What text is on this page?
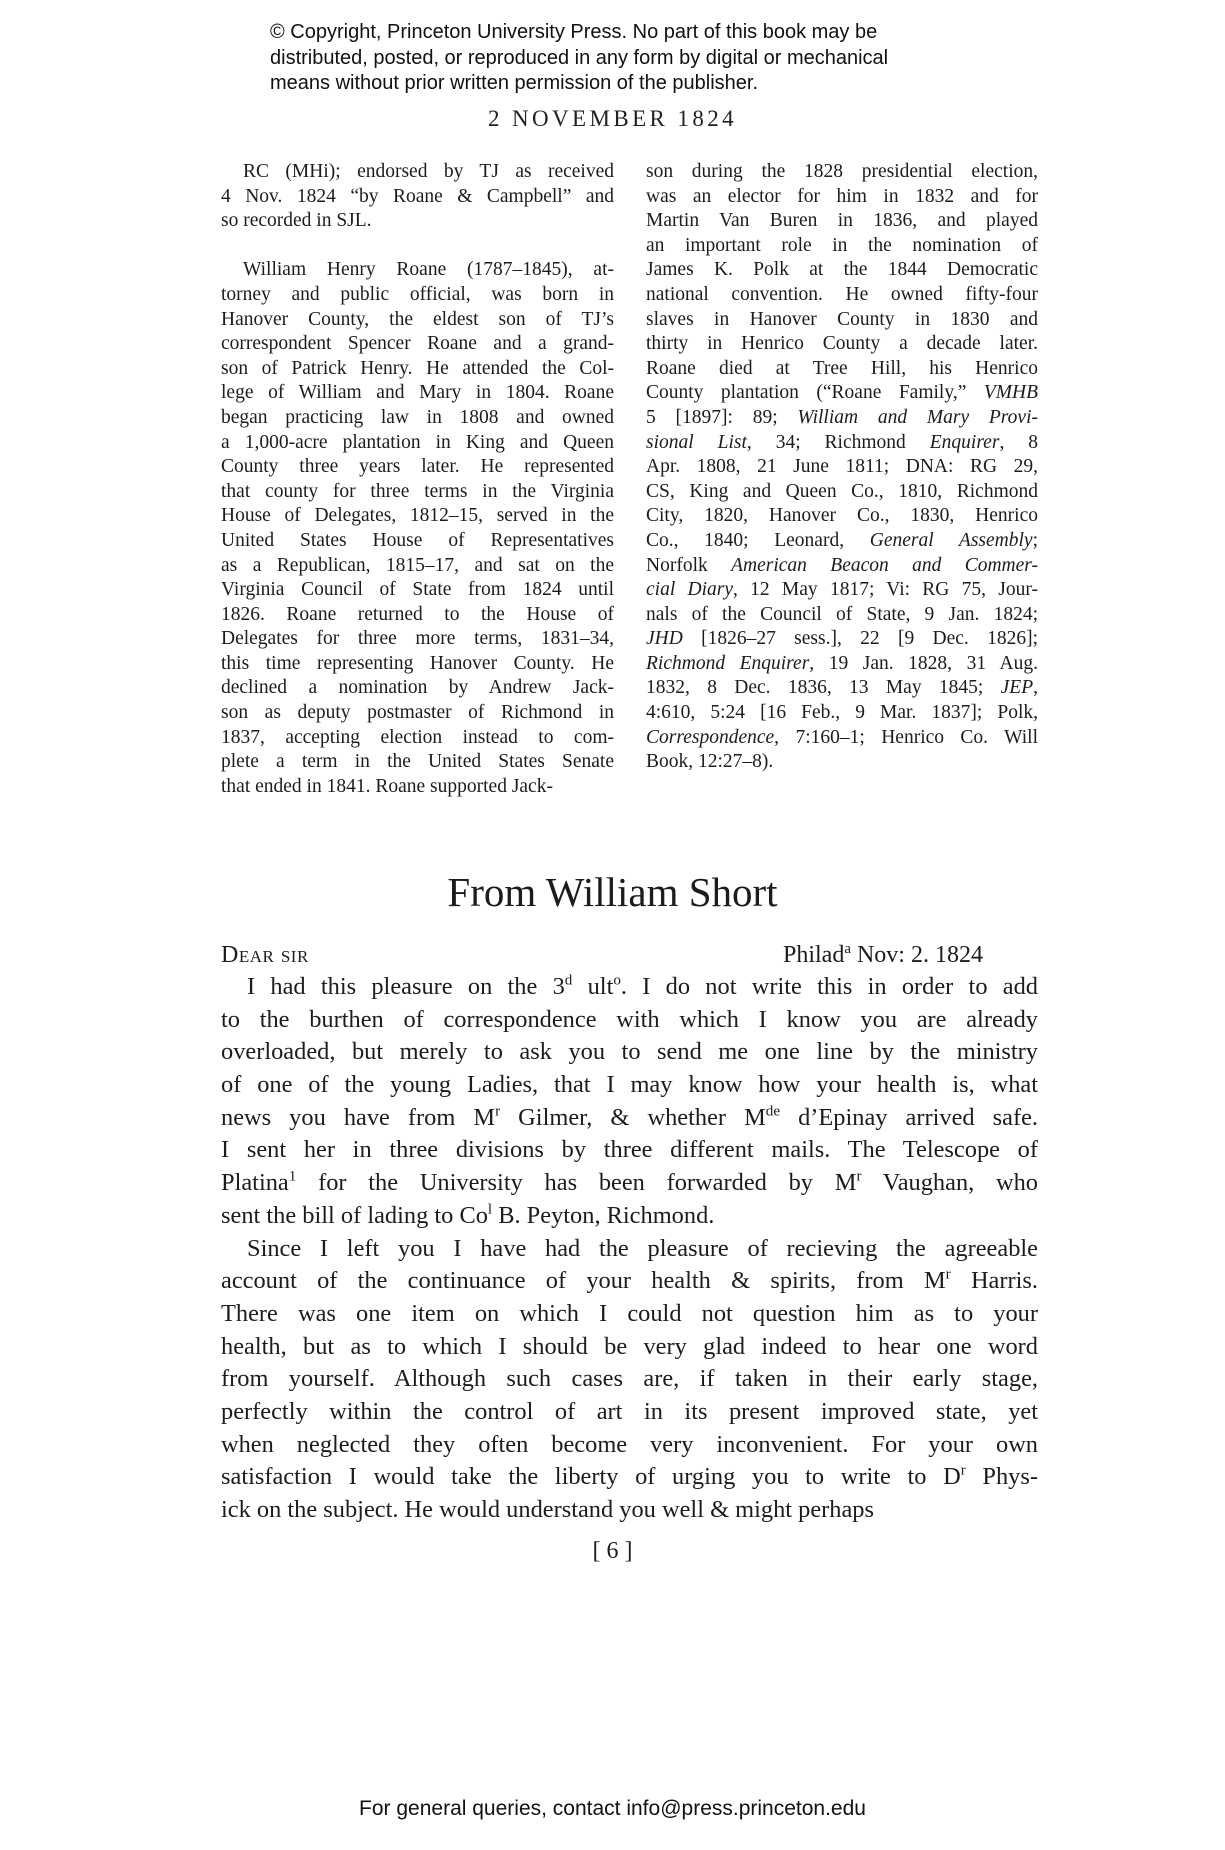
© Copyright, Princeton University Press. No part of this book may be
distributed, posted, or reproduced in any form by digital or mechanical
means without prior written permission of the publisher.
2 NOVEMBER 1824
RC (MHi); endorsed by TJ as received
4 Nov. 1824 “by Roane & Campbell” and
so recorded in SJL.
William Henry Roane (1787–1845), at-
torney and public official, was born in
Hanover County, the eldest son of TJ’s
correspondent Spencer Roane and a grand-
son of Patrick Henry. He attended the Col-
lege of William and Mary in 1804. Roane
began practicing law in 1808 and owned
a 1,000-acre plantation in King and Queen
County three years later. He represented
that county for three terms in the Virginia
House of Delegates, 1812–15, served in the
United States House of Representatives
as a Republican, 1815–17, and sat on the
Virginia Council of State from 1824 until
1826. Roane returned to the House of
Delegates for three more terms, 1831–34,
this time representing Hanover County. He
declined a nomination by Andrew Jack-
son as deputy postmaster of Richmond in
1837, accepting election instead to com-
plete a term in the United States Senate
that ended in 1841. Roane supported Jack-
son during the 1828 presidential election,
was an elector for him in 1832 and for
Martin Van Buren in 1836, and played
an important role in the nomination of
James K. Polk at the 1844 Democratic
national convention. He owned fifty-four
slaves in Hanover County in 1830 and
thirty in Henrico County a decade later.
Roane died at Tree Hill, his Henrico
County plantation (“Roane Family,” VMHB
5 [1897]: 89; William and Mary Provi-
sional List, 34; Richmond Enquirer, 8
Apr. 1808, 21 June 1811; DNA: RG 29,
CS, King and Queen Co., 1810, Richmond
City, 1820, Hanover Co., 1830, Henrico
Co., 1840; Leonard, General Assembly;
Norfolk American Beacon and Commer-
cial Diary, 12 May 1817; Vi: RG 75, Jour-
nals of the Council of State, 9 Jan. 1824;
JHD [1826–27 sess.], 22 [9 Dec. 1826];
Richmond Enquirer, 19 Jan. 1828, 31 Aug.
1832, 8 Dec. 1836, 13 May 1845; JEP,
4:610, 5:24 [16 Feb., 9 Mar. 1837]; Polk,
Correspondence, 7:160–1; Henrico Co. Will
Book, 12:27–8).
From William Short
Dear sir	Philad$^a$ Nov: 2. 1824
I had this pleasure on the 3$^d$ ult$^o$. I do not write this in order to add
to the burthen of correspondence with which I know you are already
overloaded, but merely to ask you to send me one line by the ministry
of one of the young Ladies, that I may know how your health is, what
news you have from $M^r$ Gilmer, & whether Mde d’Epinay arrived safe.
I sent her in three divisions by three different mails. The Telescope of
Platina$^1$ for the University has been forwarded by $M^r$ Vaughan, who
sent the bill of lading to Co$^l$ B. Peyton, Richmond.
Since I left you I have had the pleasure of recieving the agreeable
account of the continuance of your health & spirits, from $M^r$ Harris.
There was one item on which I could not question him as to your
health, but as to which I should be very glad indeed to hear one word
from yourself. Although such cases are, if taken in their early stage,
perfectly within the control of art in its present improved state, yet
when neglected they often become very inconvenient. For your own
satisfaction I would take the liberty of urging you to write to $D^r$ Phys-
ick on the subject. He would understand you well & might perhaps
[ 6 ]
For general queries, contact info@press.princeton.edu
